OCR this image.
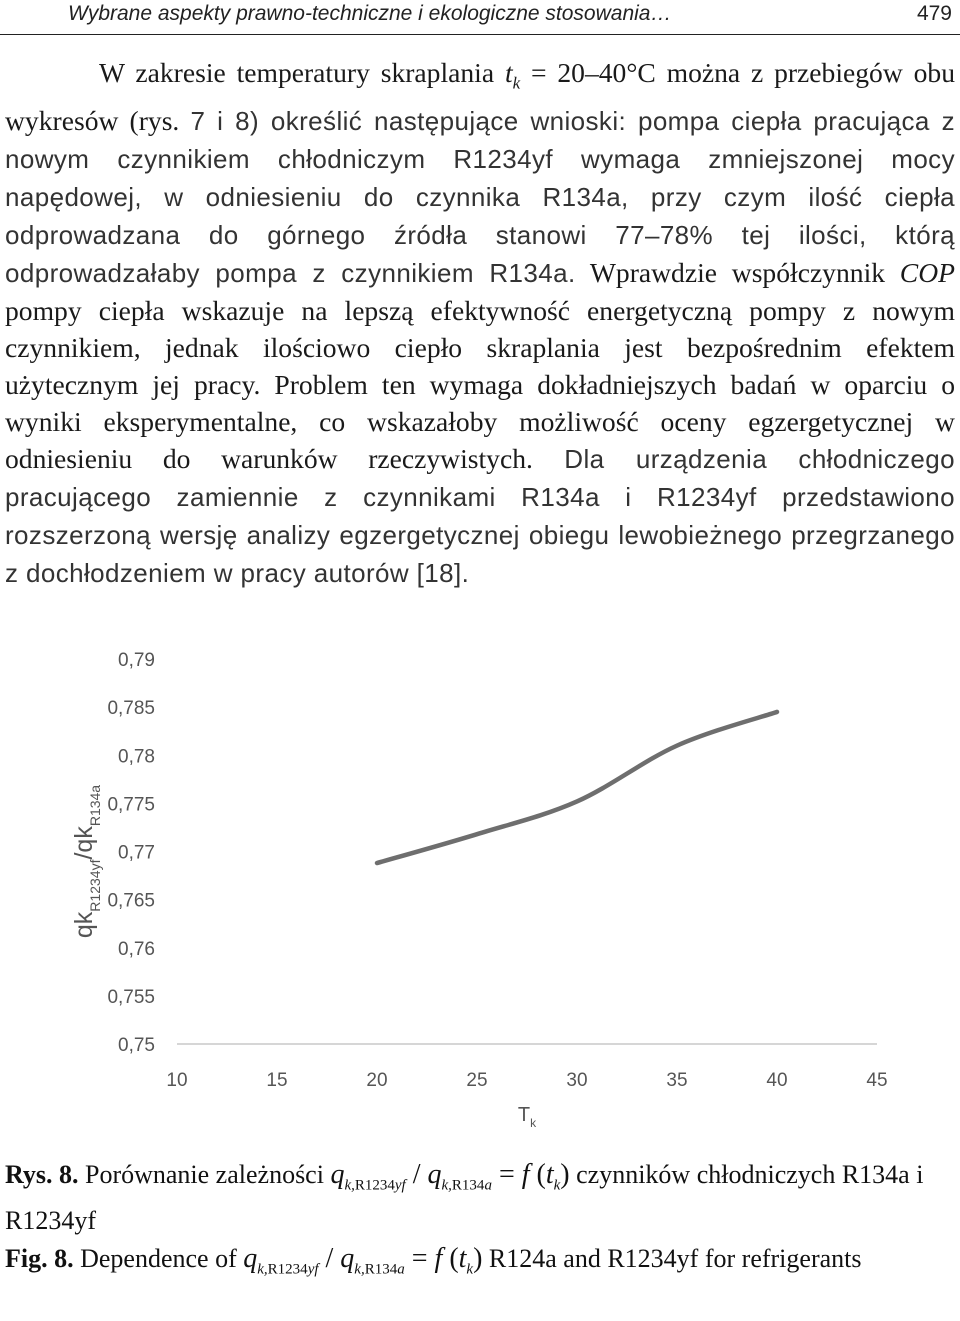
Wybrane aspekty prawno-techniczne i ekologiczne stosowania…	479

W zakresie temperatury skraplania $t_k = 20-40^\circ C$ można z przebiegów obu wykresów (rys. 7 i 8) określić następujące wnioski: pompa ciepła pracująca z nowym czynnikiem chłodniczym R1234yf wymaga zmniejszonej mocy napędowej, w odniesieniu do czynnika R134a, przy czym ilość ciepła odprowadzana do górnego źródła stanowi 77–78% tej ilości, którą odprowadzałaby pompa z czynnikiem R134a. Wprawdzie współczynnik COP pompy ciepła wskazuje na lepszą efektywność energetyczną pompy z nowym czynnikiem, jednak ilościowo ciepło skraplania jest bezpośrednim efektem użytecznym jej pracy. Problem ten wymaga dokładniejszych badań w oparciu o wyniki eksperymentalne, co wskazałoby możliwość oceny egzergetycznej w odniesieniu do warunków rzeczywistych. Dla urządzenia chłodniczego pracującego zamiennie z czynnikami R134a i R1234yf przedstawiono rozszerzoną wersję analizy egzergetycznej obiegu lewobieżnego przegrzanego z dochłodzeniem w pracy autorów [18].

0,75
0,755
0,76
0,765
0,77
0,775
0,78
0,785
0,79
10	15	20	25	30	35	40	45
$T_k$
$qk_{R1234yf}/qk_{R134a}$
Rys. 8. Porównanie zależności $q_{k,R1234yf} / q_{k,R134a} = f$ $(t_k)$ czynników chłodniczych R134a i R1234yf
Fig. 8. Dependence of $q_{k,R1234yf} / q_{k,R134a} = f$ $(t_k)$ R124a and R1234yf for refrigerants
